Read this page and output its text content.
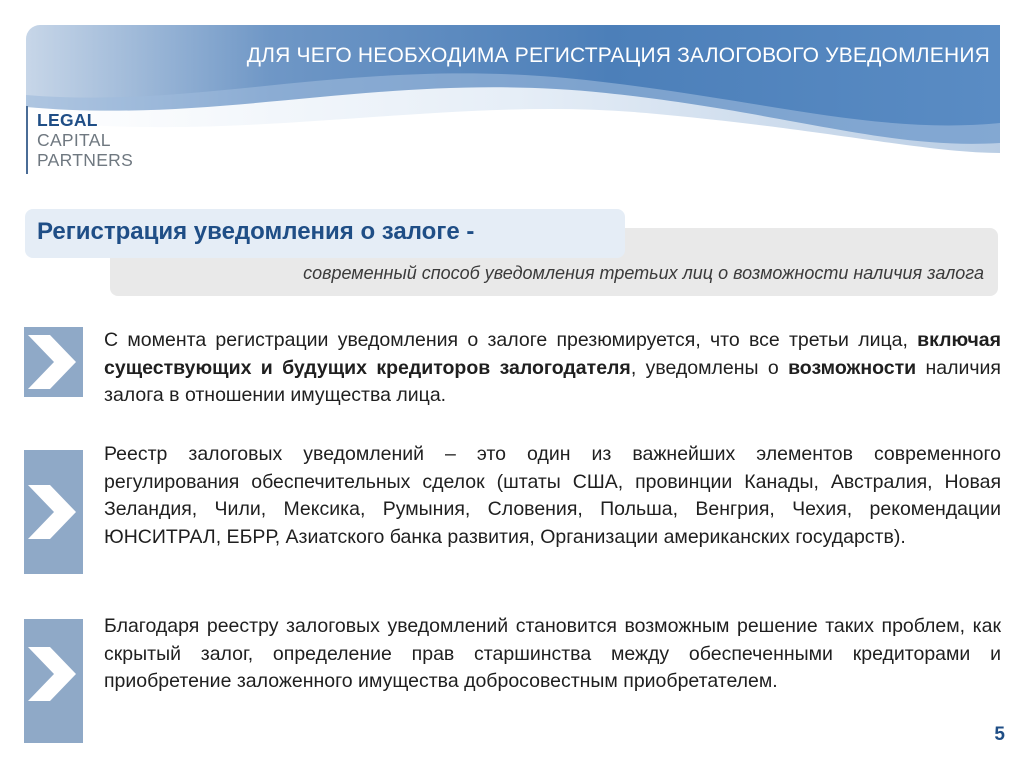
ДЛЯ ЧЕГО НЕОБХОДИМА РЕГИСТРАЦИЯ ЗАЛОГОВОГО УВЕДОМЛЕНИЯ
LEGAL
CAPITAL
PARTNERS
Регистрация уведомления о залоге -
современный способ уведомления третьих лиц о возможности наличия залога
С момента регистрации уведомления о залоге презюмируется, что все третьи лица, включая существующих и будущих кредиторов залогодателя, уведомлены о возможности наличия залога в отношении имущества лица.
Реестр залоговых уведомлений – это один из важнейших элементов современного регулирования обеспечительных сделок (штаты США, провинции Канады, Австралия, Новая Зеландия, Чили, Мексика, Румыния, Словения, Польша, Венгрия, Чехия, рекомендации ЮНСИТРАЛ, ЕБРР, Азиатского банка развития, Организации американских государств).
Благодаря реестру залоговых уведомлений становится возможным решение таких проблем, как скрытый залог, определение прав старшинства между обеспеченными кредиторами и приобретение заложенного имущества добросовестным приобретателем.
5
